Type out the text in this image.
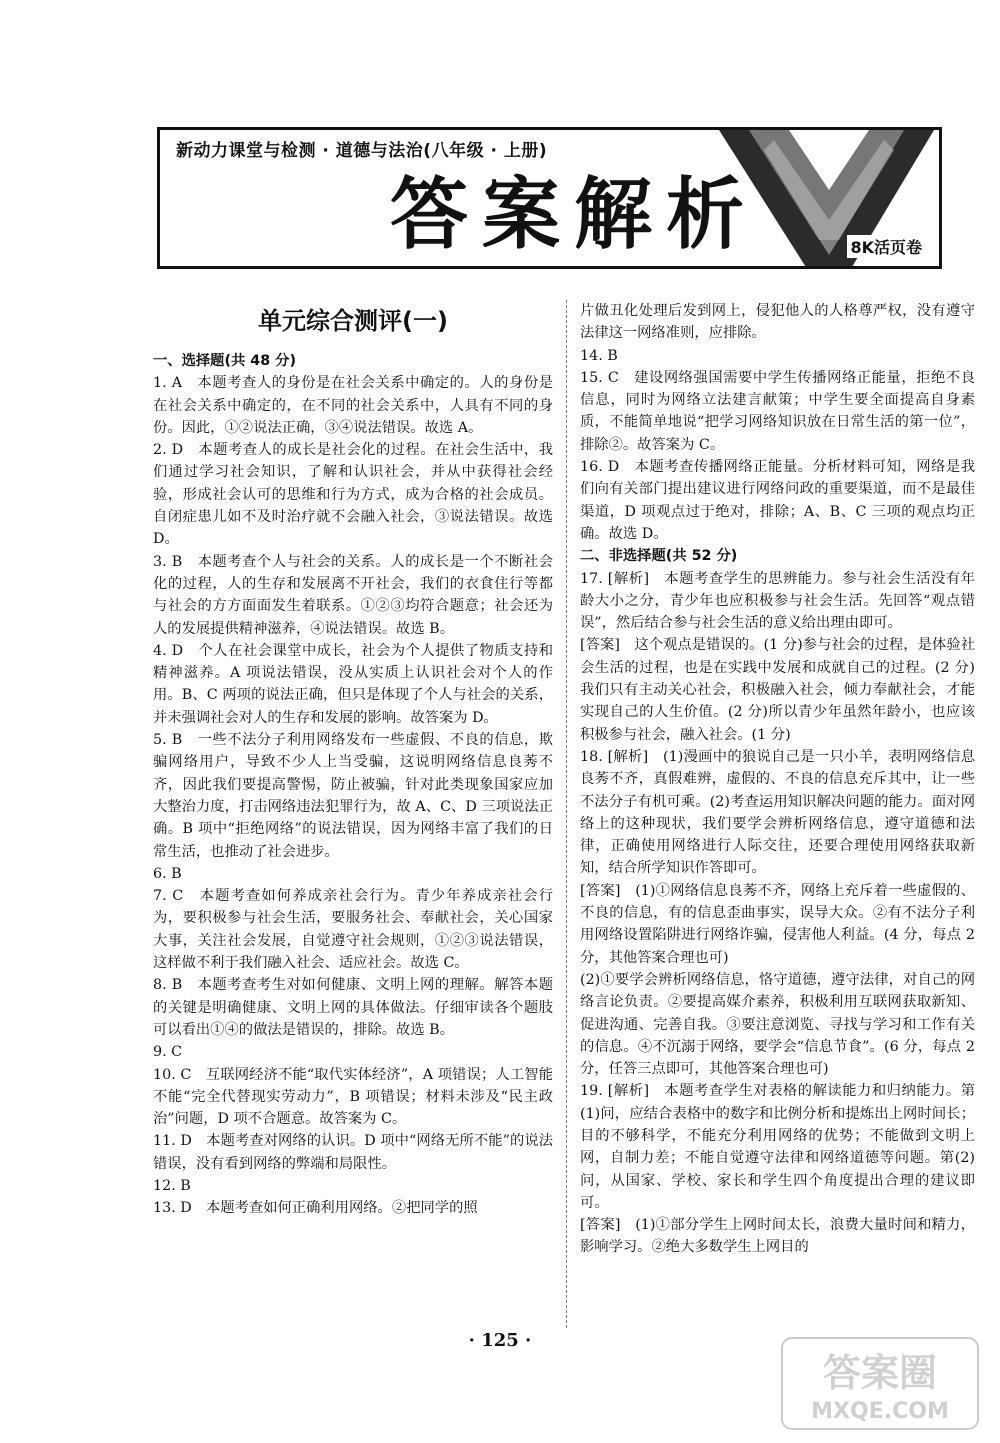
新动力课堂与检测 · 道德与法治(八年级 · 上册)
答案解析	8K活页卷
单元综合测评(一)

一、选择题(共 48 分)

1. A　本题考查人的身份是在社会关系中确定的。人的身份是在社会关系中确定的，在不同的社会关系中，人具有不同的身份。因此，①②说法正确，③④说法错误。故选 A。

2. D　本题考查人的成长是社会化的过程。在社会生活中，我们通过学习社会知识，了解和认识社会，并从中获得社会经验，形成社会认可的思维和行为方式，成为合格的社会成员。自闭症患儿如不及时治疗就不会融入社会，③说法错误。故选 D。

3. B　本题考查个人与社会的关系。人的成长是一个不断社会化的过程，人的生存和发展离不开社会，我们的衣食住行等都与社会的方方面面发生着联系。①②③均符合题意；社会还为人的发展提供精神滋养，④说法错误。故选 B。

4. D　个人在社会课堂中成长，社会为个人提供了物质支持和精神滋养。A 项说法错误，没从实质上认识社会对个人的作用。B、C 两项的说法正确，但只是体现了个人与社会的关系，并未强调社会对人的生存和发展的影响。故答案为 D。

5. B　一些不法分子利用网络发布一些虚假、不良的信息，欺骗网络用户，导致不少人上当受骗，这说明网络信息良莠不齐，因此我们要提高警惕，防止被骗，针对此类现象国家应加大整治力度，打击网络违法犯罪行为，故 A、C、D 三项说法正确。B 项中“拒绝网络”的说法错误，因为网络丰富了我们的日常生活，也推动了社会进步。

6. B

7. C　本题考查如何养成亲社会行为。青少年养成亲社会行为，要积极参与社会生活，要服务社会、奉献社会，关心国家大事，关注社会发展，自觉遵守社会规则，①②③说法错误，这样做不利于我们融入社会、适应社会。故选 C。

8. B　本题考查考生对如何健康、文明上网的理解。解答本题的关键是明确健康、文明上网的具体做法。仔细审读各个题肢可以看出①④的做法是错误的，排除。故选 B。

9. C

10. C　互联网经济不能“取代实体经济”，A 项错误；人工智能不能“完全代替现实劳动力”，B 项错误；材料未涉及“民主政治”问题，D 项不合题意。故答案为 C。

11. D　本题考查对网络的认识。D 项中“网络无所不能”的说法错误，没有看到网络的弊端和局限性。

12. B

13. D　本题考查如何正确利用网络。②把同学的照

片做丑化处理后发到网上，侵犯他人的人格尊严权，没有遵守法律这一网络准则，应排除。

14. B

15. C　建设网络强国需要中学生传播网络正能量，拒绝不良信息，同时为网络立法建言献策；中学生要全面提高自身素质，不能简单地说“把学习网络知识放在日常生活的第一位”，排除②。故答案为 C。

16. D　本题考查传播网络正能量。分析材料可知，网络是我们向有关部门提出建议进行网络问政的重要渠道，而不是最佳渠道，D 项观点过于绝对，排除；A、B、C 三项的观点均正确。故选 D。

二、非选择题(共 52 分)

17. [解析]　本题考查学生的思辨能力。参与社会生活没有年龄大小之分，青少年也应积极参与社会生活。先回答“观点错误”，然后结合参与社会生活的意义给出理由即可。

[答案]　这个观点是错误的。(1 分)参与社会的过程，是体验社会生活的过程，也是在实践中发展和成就自己的过程。(2 分)我们只有主动关心社会，积极融入社会，倾力奉献社会，才能实现自己的人生价值。(2 分)所以青少年虽然年龄小，也应该积极参与社会，融入社会。(1 分)

18. [解析]　(1)漫画中的狼说自己是一只小羊，表明网络信息良莠不齐，真假难辨，虚假的、不良的信息充斥其中，让一些不法分子有机可乘。(2)考查运用知识解决问题的能力。面对网络上的这种现状，我们要学会辨析网络信息，遵守道德和法律，正确使用网络进行人际交往，还要合理使用网络获取新知，结合所学知识作答即可。

[答案]　(1)①网络信息良莠不齐，网络上充斥着一些虚假的、不良的信息，有的信息歪曲事实，误导大众。②有不法分子利用网络设置陷阱进行网络诈骗，侵害他人利益。(4 分，每点 2 分，其他答案合理也可)

(2)①要学会辨析网络信息，恪守道德，遵守法律，对自己的网络言论负责。②要提高媒介素养，积极利用互联网获取新知、促进沟通、完善自我。③要注意浏览、寻找与学习和工作有关的信息。④不沉溺于网络，要学会“信息节食”。(6 分，每点 2 分，任答三点即可，其他答案合理也可)

19. [解析]　本题考查学生对表格的解读能力和归纳能力。第(1)问，应结合表格中的数字和比例分析和提炼出上网时间长；目的不够科学，不能充分利用网络的优势；不能做到文明上网，自制力差；不能自觉遵守法律和网络道德等问题。第(2)问，从国家、学校、家长和学生四个角度提出合理的建议即可。

[答案]　(1)①部分学生上网时间太长，浪费大量时间和精力，影响学习。②绝大多数学生上网目的

· 125 ·
答案圈
MXQE.COM
